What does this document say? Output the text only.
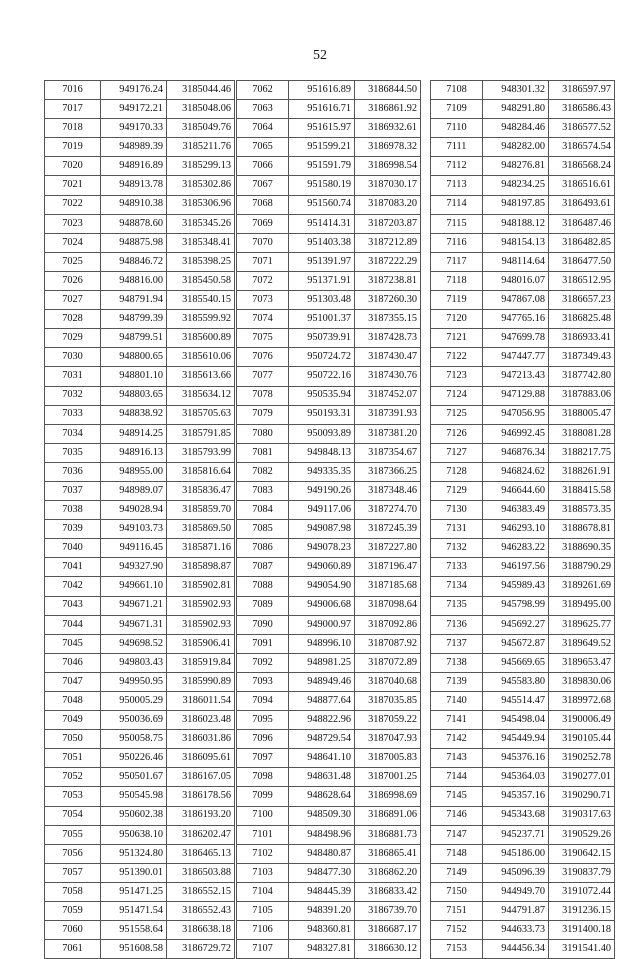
52
7016	949176.24	3185044.46
7017	949172.21	3185048.06
7018	949170.33	3185049.76
7019	948989.39	3185211.76
7020	948916.89	3185299.13
7021	948913.78	3185302.86
7022	948910.38	3185306.96
7023	948878.60	3185345.26
7024	948875.98	3185348.41
7025	948846.72	3185398.25
7026	948816.00	3185450.58
7027	948791.94	3185540.15
7028	948799.39	3185599.92
7029	948799.51	3185600.89
7030	948800.65	3185610.06
7031	948801.10	3185613.66
7032	948803.65	3185634.12
7033	948838.92	3185705.63
7034	948914.25	3185791.85
7035	948916.13	3185793.99
7036	948955.00	3185816.64
7037	948989.07	3185836.47
7038	949028.94	3185859.70
7039	949103.73	3185869.50
7040	949116.45	3185871.16
7041	949327.90	3185898.87
7042	949661.10	3185902.81
7043	949671.21	3185902.93
7044	949671.31	3185902.93
7045	949698.52	3185906.41
7046	949803.43	3185919.84
7047	949950.95	3185990.89
7048	950005.29	3186011.54
7049	950036.69	3186023.48
7050	950058.75	3186031.86
7051	950226.46	3186095.61
7052	950501.67	3186167.05
7053	950545.98	3186178.56
7054	950602.38	3186193.20
7055	950638.10	3186202.47
7056	951324.80	3186465.13
7057	951390.01	3186503.88
7058	951471.25	3186552.15
7059	951471.54	3186552.43
7060	951558.64	3186638.18
7061	951608.58	3186729.72
7062	951616.89	3186844.50
7063	951616.71	3186861.92
7064	951615.97	3186932.61
7065	951599.21	3186978.32
7066	951591.79	3186998.54
7067	951580.19	3187030.17
7068	951560.74	3187083.20
7069	951414.31	3187203.87
7070	951403.38	3187212.89
7071	951391.97	3187222.29
7072	951371.91	3187238.81
7073	951303.48	3187260.30
7074	951001.37	3187355.15
7075	950739.91	3187428.73
7076	950724.72	3187430.47
7077	950722.16	3187430.76
7078	950535.94	3187452.07
7079	950193.31	3187391.93
7080	950093.89	3187381.20
7081	949848.13	3187354.67
7082	949335.35	3187366.25
7083	949190.26	3187348.46
7084	949117.06	3187274.70
7085	949087.98	3187245.39
7086	949078.23	3187227.80
7087	949060.89	3187196.47
7088	949054.90	3187185.68
7089	949006.68	3187098.64
7090	949000.97	3187092.86
7091	948996.10	3187087.92
7092	948981.25	3187072.89
7093	948949.46	3187040.68
7094	948877.64	3187035.85
7095	948822.96	3187059.22
7096	948729.54	3187047.93
7097	948641.10	3187005.83
7098	948631.48	3187001.25
7099	948628.64	3186998.69
7100	948509.30	3186891.06
7101	948498.96	3186881.73
7102	948480.87	3186865.41
7103	948477.30	3186862.20
7104	948445.39	3186833.42
7105	948391.20	3186739.70
7106	948360.81	3186687.17
7107	948327.81	3186630.12
7108	948301.32	3186597.97
7109	948291.80	3186586.43
7110	948284.46	3186577.52
7111	948282.00	3186574.54
7112	948276.81	3186568.24
7113	948234.25	3186516.61
7114	948197.85	3186493.61
7115	948188.12	3186487.46
7116	948154.13	3186482.85
7117	948114.64	3186477.50
7118	948016.07	3186512.95
7119	947867.08	3186657.23
7120	947765.16	3186825.48
7121	947699.78	3186933.41
7122	947447.77	3187349.43
7123	947213.43	3187742.80
7124	947129.88	3187883.06
7125	947056.95	3188005.47
7126	946992.45	3188081.28
7127	946876.34	3188217.75
7128	946824.62	3188261.91
7129	946644.60	3188415.58
7130	946383.49	3188573.35
7131	946293.10	3188678.81
7132	946283.22	3188690.35
7133	946197.56	3188790.29
7134	945989.43	3189261.69
7135	945798.99	3189495.00
7136	945692.27	3189625.77
7137	945672.87	3189649.52
7138	945669.65	3189653.47
7139	945583.80	3189830.06
7140	945514.47	3189972.68
7141	945498.04	3190006.49
7142	945449.94	3190105.44
7143	945376.16	3190252.78
7144	945364.03	3190277.01
7145	945357.16	3190290.71
7146	945343.68	3190317.63
7147	945237.71	3190529.26
7148	945186.00	3190642.15
7149	945096.39	3190837.79
7150	944949.70	3191072.44
7151	944791.87	3191236.15
7152	944633.73	3191400.18
7153	944456.34	3191541.40
